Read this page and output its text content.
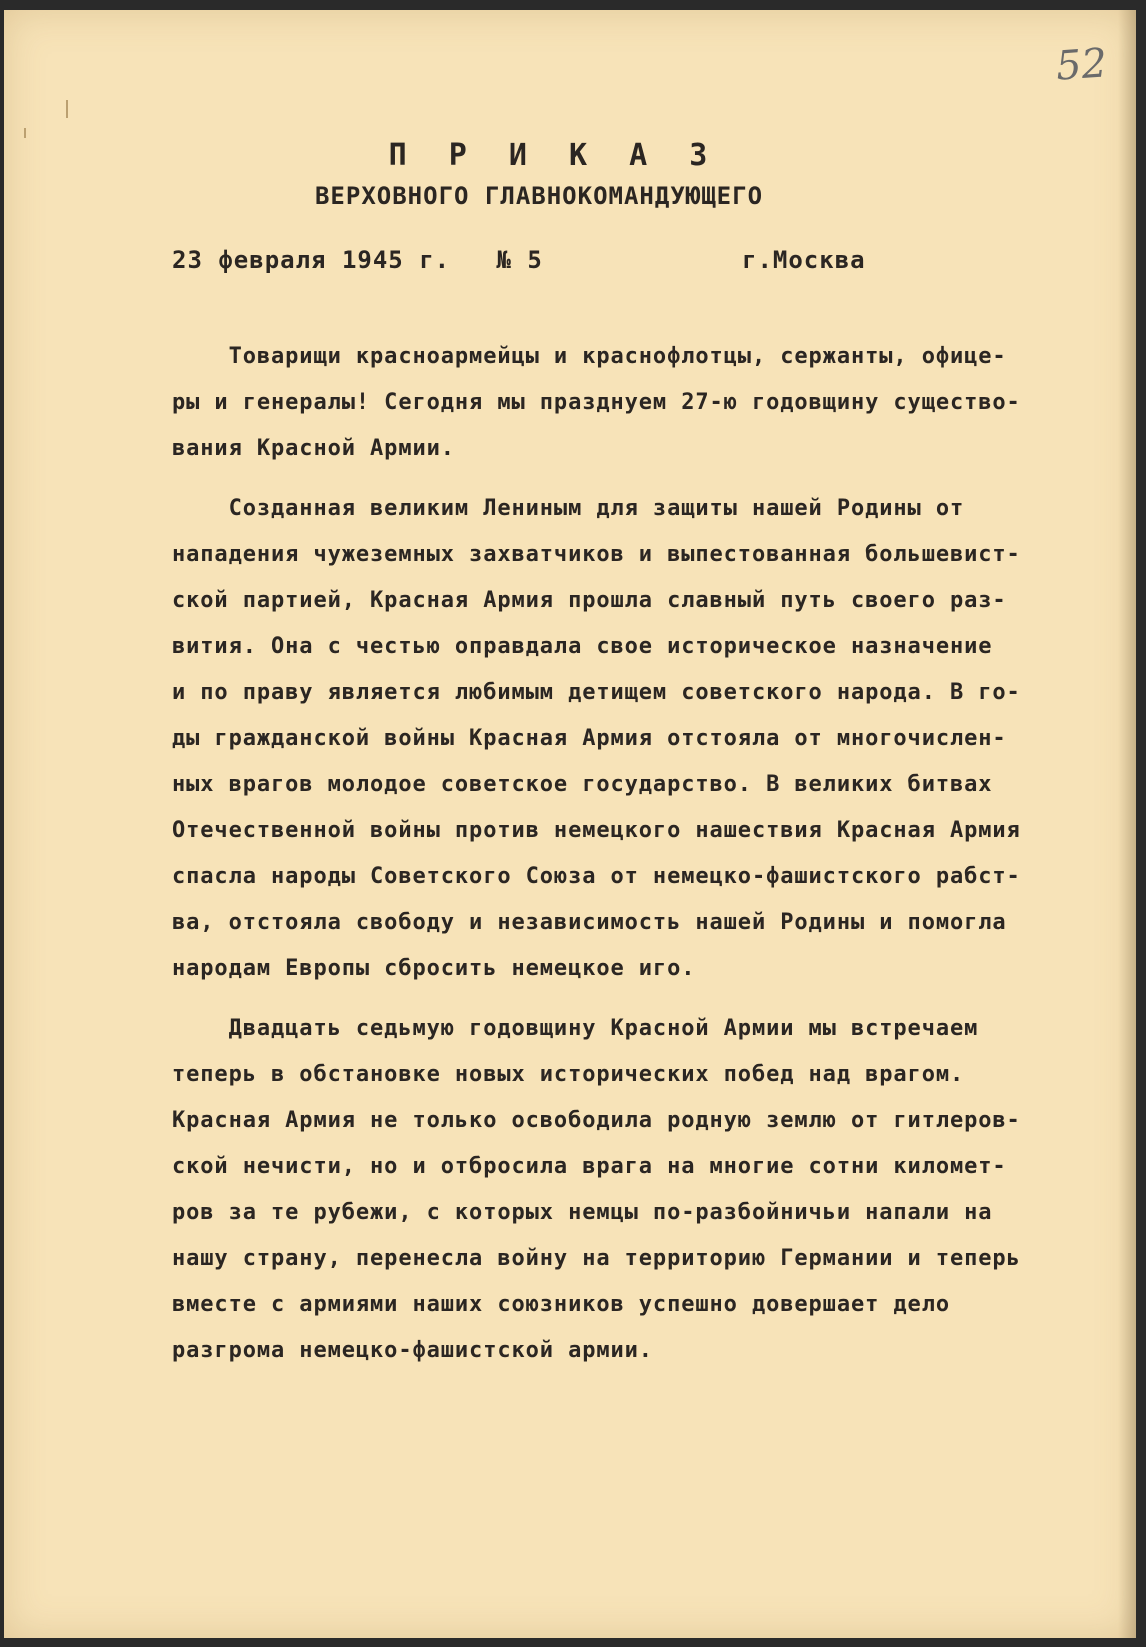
52
П Р И К А З
ВЕРХОВНОГО ГЛАВНОКОМАНДУЮЩЕГО
23 февраля 1945 г.   № 5	г.Москва
Товарищи красноармейцы и краснофлотцы, сержанты, офице-
ры и генералы! Сегодня мы празднуем 27-ю годовщину существо-
вания Красной Армии.
Созданная великим Лениным для защиты нашей Родины от
нападения чужеземных захватчиков и выпестованная большевист-
ской партией, Красная Армия прошла славный путь своего раз-
вития. Она с честью оправдала свое историческое назначение
и по праву является любимым детищем советского народа. В го-
ды гражданской войны Красная Армия отстояла от многочислен-
ных врагов молодое советское государство. В великих битвах
Отечественной войны против немецкого нашествия Красная Армия
спасла народы Советского Союза от немецко-фашистского рабст-
ва, отстояла свободу и независимость нашей Родины и помогла
народам Европы сбросить немецкое иго.
Двадцать седьмую годовщину Красной Армии мы встречаем
теперь в обстановке новых исторических побед над врагом.
Красная Армия не только освободила родную землю от гитлеров-
ской нечисти, но и отбросила врага на многие сотни километ-
ров за те рубежи, с которых немцы по-разбойничьи напали на
нашу страну, перенесла войну на территорию Германии и теперь
вместе с армиями наших союзников успешно довершает дело
разгрома немецко-фашистской армии.
